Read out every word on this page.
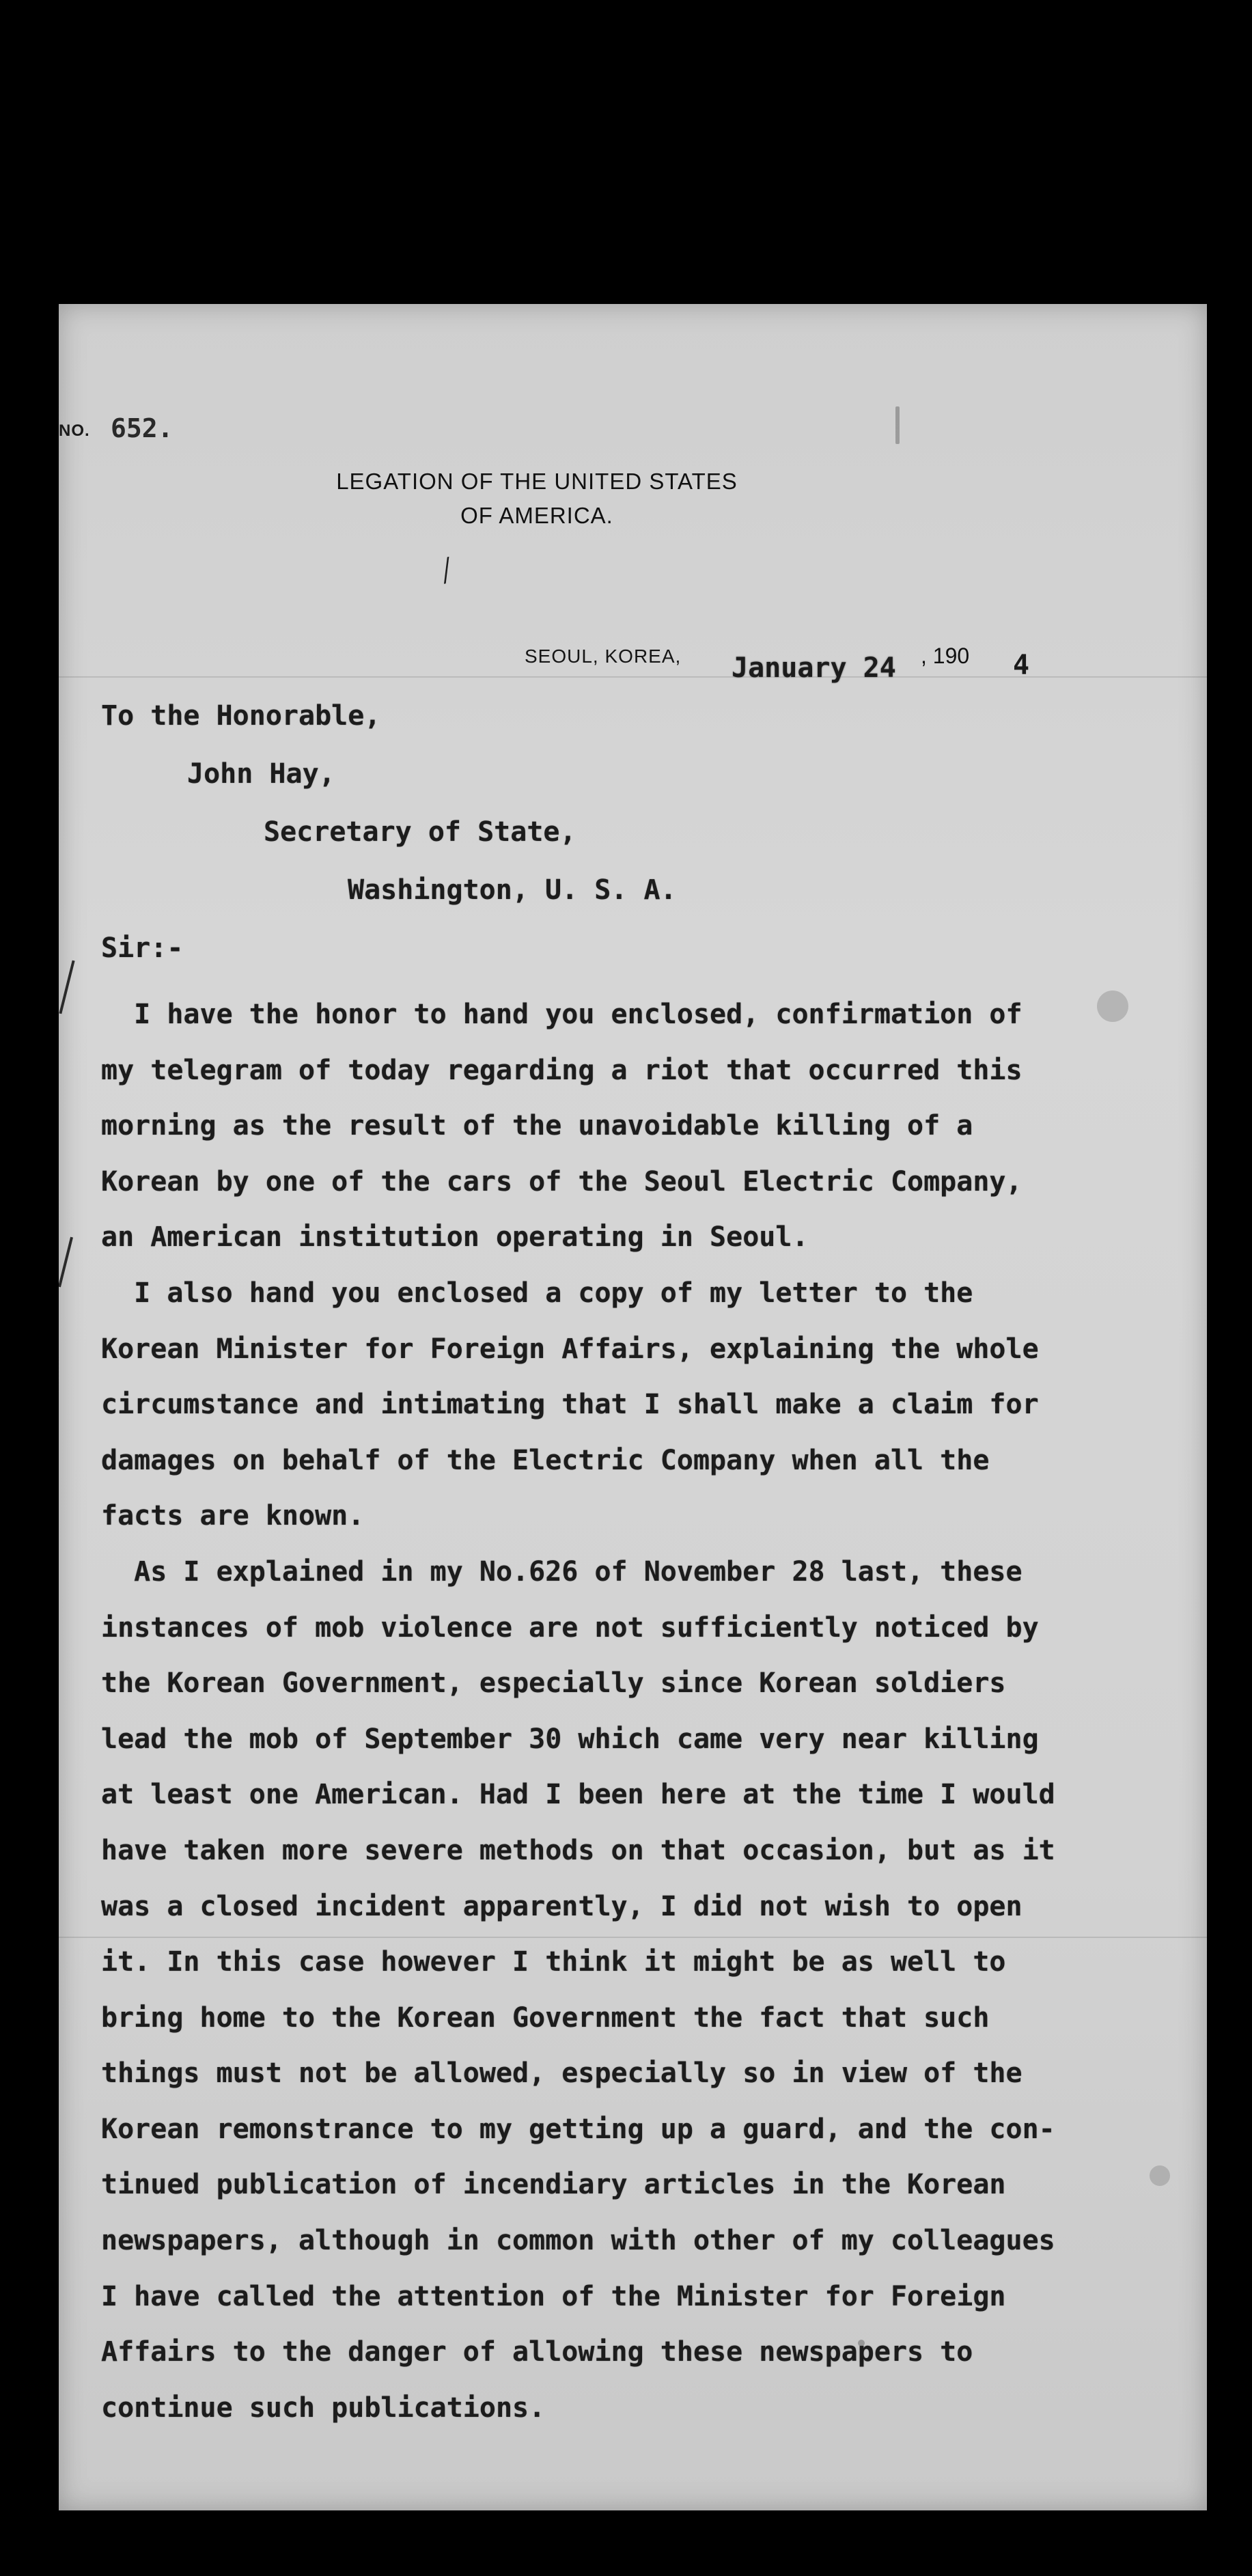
NO. 652.
LEGATION OF THE UNITED STATES
OF AMERICA.
/
SEOUL, KOREA, January 24 , 190 4
To the Honorable,
John Hay,
Secretary of State,
Washington, U. S. A.
Sir:-
I have the honor to hand you enclosed, confirmation of
my telegram of today regarding a riot that occurred this
morning as the result of the unavoidable killing of a
Korean by one of the cars of the Seoul Electric Company,
an American institution operating in Seoul.
I also hand you enclosed a copy of my letter to the
Korean Minister for Foreign Affairs, explaining the whole
circumstance and intimating that I shall make a claim for
damages on behalf of the Electric Company when all the
facts are known.
As I explained in my No.626 of November 28 last, these
instances of mob violence are not sufficiently noticed by
the Korean Government, especially since Korean soldiers
lead the mob of September 30 which came very near killing
at least one American. Had I been here at the time I would
have taken more severe methods on that occasion, but as it
was a closed incident apparently, I did not wish to open
it. In this case however I think it might be as well to
bring home to the Korean Government the fact that such
things must not be allowed, especially so in view of the
Korean remonstrance to my getting up a guard, and the con-
tinued publication of incendiary articles in the Korean
newspapers, although in common with other of my colleagues
I have called the attention of the Minister for Foreign
Affairs to the danger of allowing these newspapers to
continue such publications.
